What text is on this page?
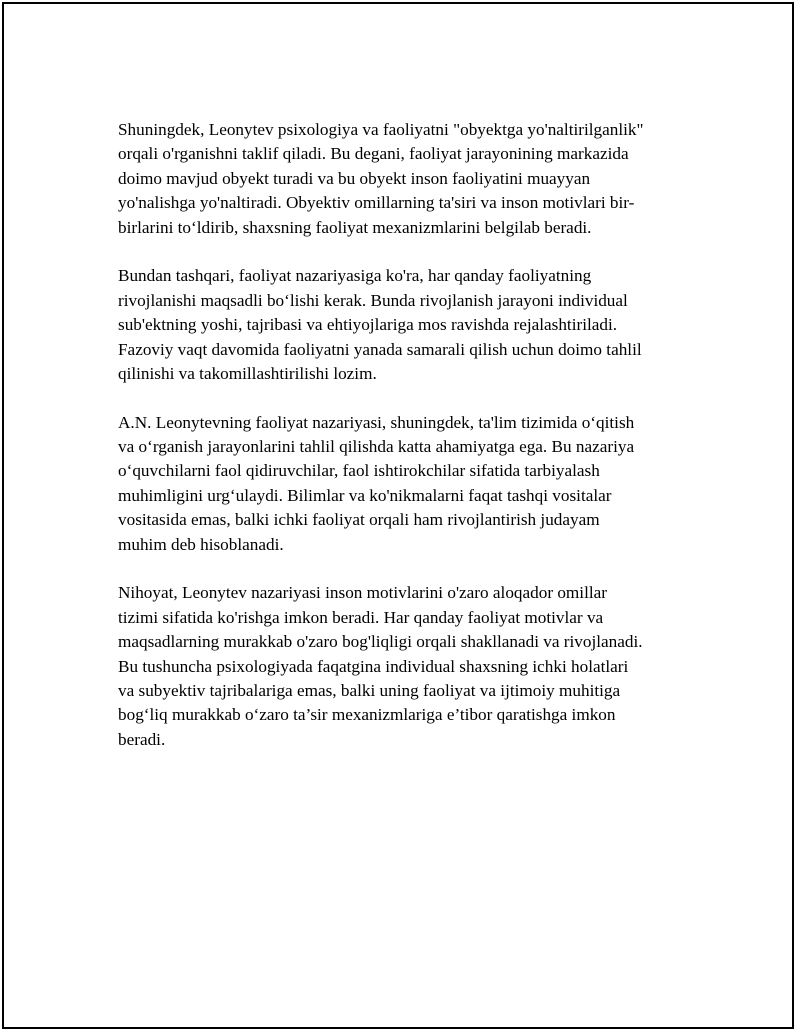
Shuningdek, Leonytev psixologiya va faoliyatni "obyektga yo'naltirilganlik"
orqali o'rganishni taklif qiladi. Bu degani, faoliyat jarayonining markazida
doimo mavjud obyekt turadi va bu obyekt inson faoliyatini muayyan
yo'nalishga yo'naltiradi. Obyektiv omillarning ta'siri va inson motivlari bir-
birlarini to‘ldirib, shaxsning faoliyat mexanizmlarini belgilab beradi.

Bundan tashqari, faoliyat nazariyasiga ko'ra, har qanday faoliyatning
rivojlanishi maqsadli bo‘lishi kerak. Bunda rivojlanish jarayoni individual
sub'ektning yoshi, tajribasi va ehtiyojlariga mos ravishda rejalashtiriladi.
Fazoviy vaqt davomida faoliyatni yanada samarali qilish uchun doimo tahlil
qilinishi va takomillashtirilishi lozim.

A.N. Leonytevning faoliyat nazariyasi, shuningdek, ta'lim tizimida o‘qitish
va o‘rganish jarayonlarini tahlil qilishda katta ahamiyatga ega. Bu nazariya
o‘quvchilarni faol qidiruvchilar, faol ishtirokchilar sifatida tarbiyalash
muhimligini urg‘ulaydi. Bilimlar va ko'nikmalarni faqat tashqi vositalar
vositasida emas, balki ichki faoliyat orqali ham rivojlantirish judayam
muhim deb hisoblanadi.

Nihoyat, Leonytev nazariyasi inson motivlarini o'zaro aloqador omillar
tizimi sifatida ko'rishga imkon beradi. Har qanday faoliyat motivlar va
maqsadlarning murakkab o'zaro bog'liqligi orqali shakllanadi va rivojlanadi.
Bu tushuncha psixologiyada faqatgina individual shaxsning ichki holatlari
va subyektiv tajribalariga emas, balki uning faoliyat va ijtimoiy muhitiga
bog‘liq murakkab o‘zaro ta’sir mexanizmlariga e’tibor qaratishga imkon
beradi.
